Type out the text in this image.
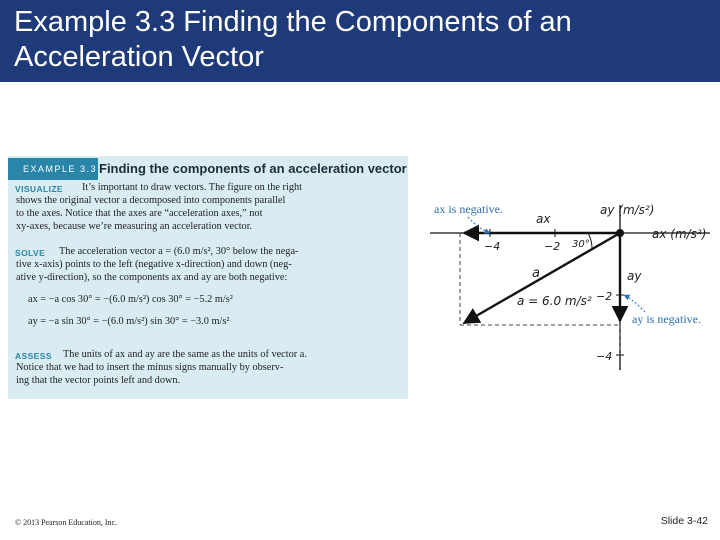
Example 3.3 Finding the Components of an
Acceleration Vector
EXAMPLE 3.3 Finding the components of an acceleration vector
VISUALIZE It’s important to draw vectors. The figure on the right
shows the original vector a decomposed into components parallel
to the axes. Notice that the axes are “acceleration axes,” not
xy-axes, because we’re measuring an acceleration vector.
SOLVE The acceleration vector a = (6.0 m/s², 30° below the nega-
tive x-axis) points to the left (negative x-direction) and down (neg-
ative y-direction), so the components ax and ay are both negative:
ax = −a cos 30° = −(6.0 m/s²) cos 30° = −5.2 m/s²
ay = −a sin 30° = −(6.0 m/s²) sin 30° = −3.0 m/s²
ASSESS The units of ax and ay are the same as the units of vector a.
Notice that we had to insert the minus signs manually by observ-
ing that the vector points left and down.
ax is negative.
ay is negative.
ay (m/s²)
ax (m/s²)
ax
ay
a
a = 6.0 m/s²
30°
−4	−2
−2
−4
© 2013 Pearson Education, Inc.	Slide 3-42
